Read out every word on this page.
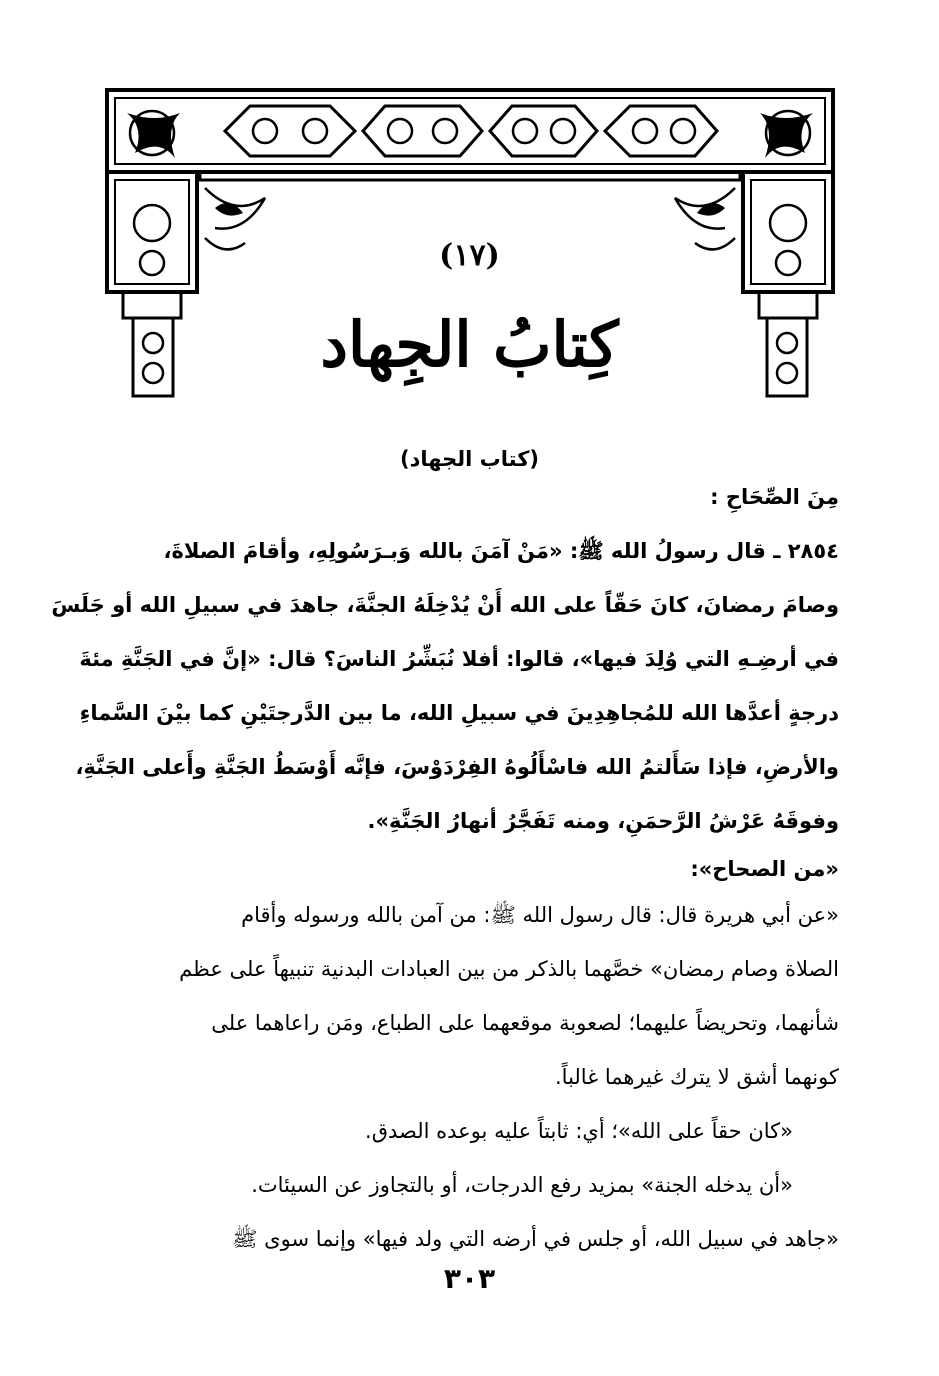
(١٧)
كِتابُ الجِهاد
(كتاب الجهاد)
مِنَ الصِّحَاحِ :
٢٨٥٤ ـ قال رسولُ الله ﷺ: «مَنْ آمَنَ بالله وَبـرَسُولِهِ، وأقامَ الصلاةَ،
وصامَ رمضانَ، كانَ حَقّاً على الله أَنْ يُدْخِلَهُ الجنَّةَ، جاهدَ في سبيلِ الله أو جَلَسَ
في أرضِـهِ التي وُلِدَ فيها»، قالوا: أفلا نُبَشِّرُ الناسَ؟ قال: «إنَّ في الجَنَّةِ مئةَ
درجةٍ أعدَّها الله للمُجاهِدِينَ في سبيلِ الله، ما بين الدَّرجتَيْنِ كما بيْنَ السَّماءِ
والأرضِ، فإذا سَأَلتمُ الله فاسْأَلُوهُ الفِرْدَوْسَ، فإنَّه أَوْسَطُ الجَنَّةِ وأَعلى الجَنَّةِ،
وفوقَهُ عَرْشُ الرَّحمَنِ، ومنه تَفَجَّرُ أنهارُ الجَنَّةِ».
«من الصحاح»:
«عن أبي هريرة قال: قال رسول الله ﷺ: من آمن بالله ورسوله وأقام
الصلاة وصام رمضان» خصَّهما بالذكر من بين العبادات البدنية تنبيهاً على عظم
شأنهما، وتحريضاً عليهما؛ لصعوبة موقعهما على الطباع، ومَن راعاهما على
كونهما أشق لا يترك غيرهما غالباً.
«كان حقاً على الله»؛ أي: ثابتاً عليه بوعده الصدق.
«أن يدخله الجنة» بمزيد رفع الدرجات، أو بالتجاوز عن السيئات.
«جاهد في سبيل الله، أو جلس في أرضه التي ولد فيها» وإنما سوى ﷺ
٣٠٣
